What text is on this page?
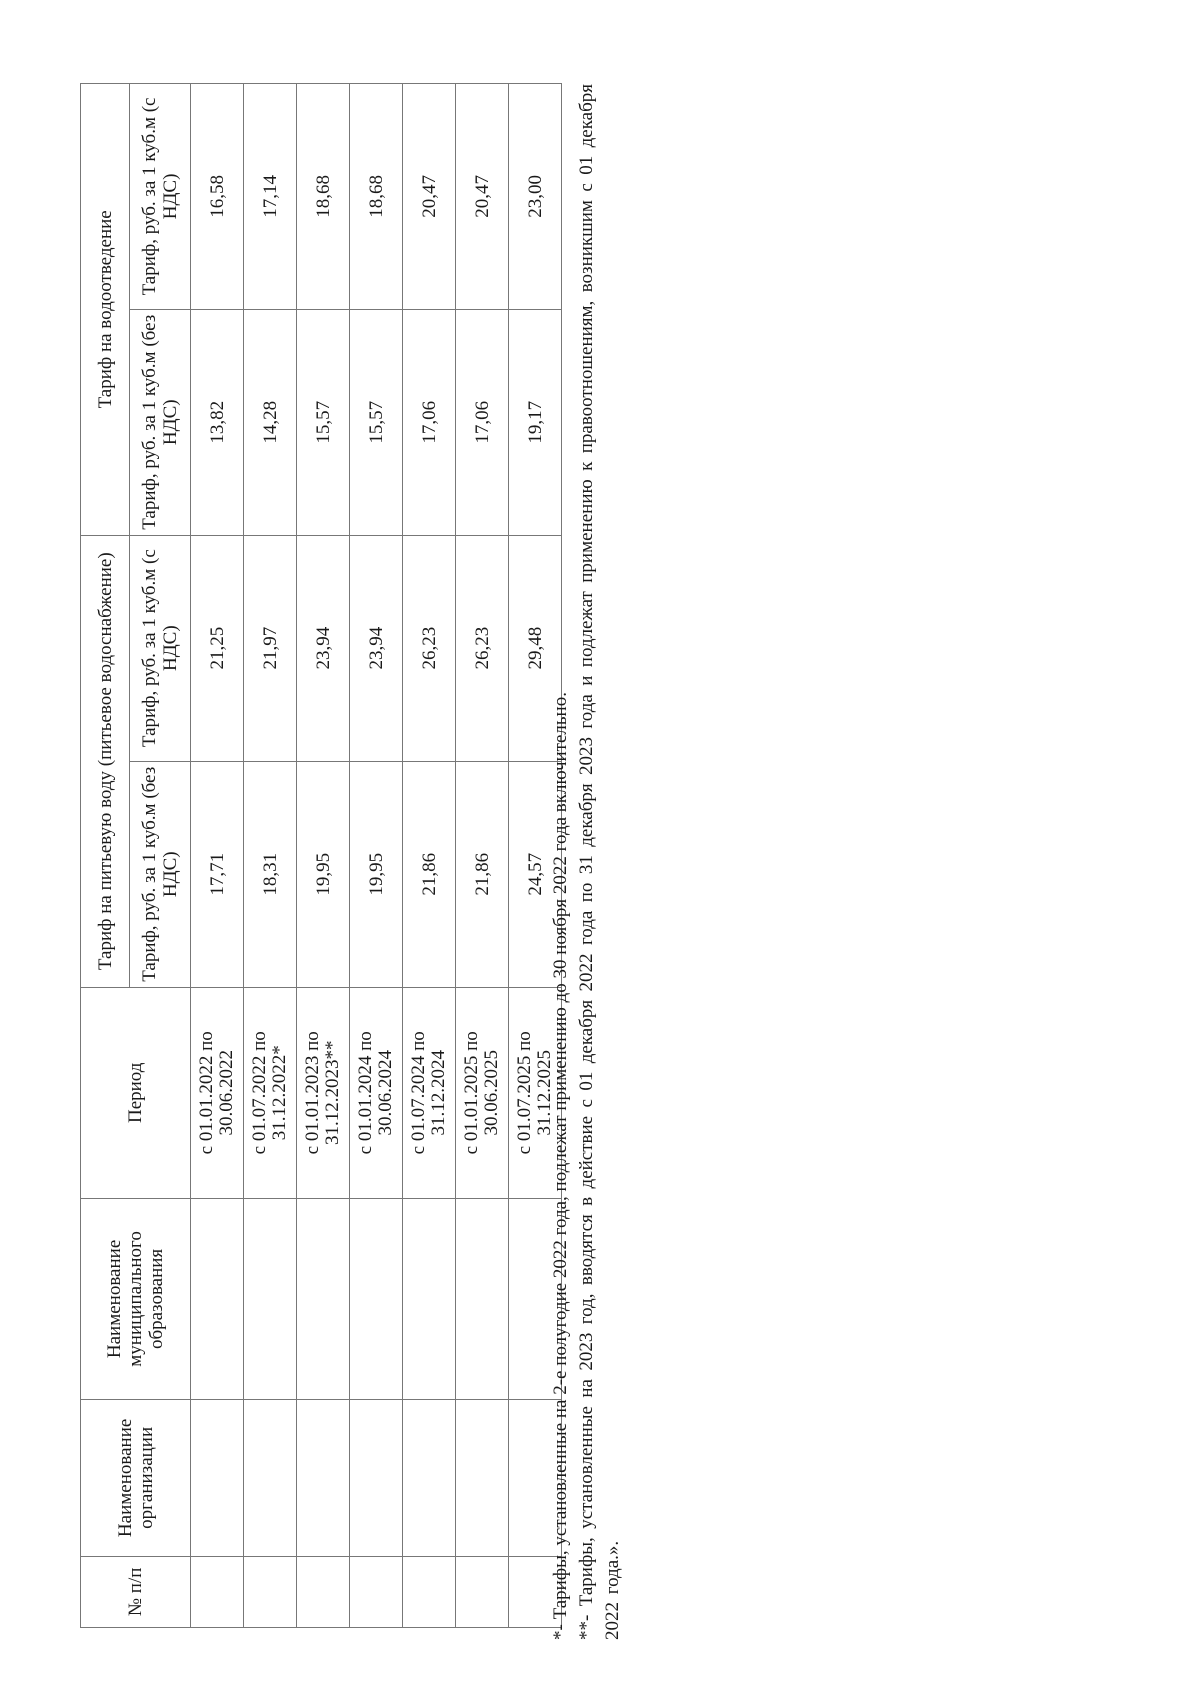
№ п/п	Наименование организации	Наименование муниципального образования	Период	Тариф на питьевую воду (питьевое водоснабжение)		Тариф на водоотведение	
				Тариф, руб. за 1 куб.м (без НДС)	Тариф, руб. за 1 куб.м (с НДС)	Тариф, руб. за 1 куб.м (без НДС)	Тариф, руб. за 1 куб.м (с НДС)
			с 01.01.2022 по 30.06.2022	17,71	21,25	13,82	16,58
			с 01.07.2022 по 31.12.2022*	18,31	21,97	14,28	17,14
			с 01.01.2023 по 31.12.2023**	19,95	23,94	15,57	18,68
			с 01.01.2024 по 30.06.2024	19,95	23,94	15,57	18,68
			с 01.07.2024 по 31.12.2024	21,86	26,23	17,06	20,47
			с 01.01.2025 по 30.06.2025	21,86	26,23	17,06	20,47
			с 01.07.2025 по 31.12.2025	24,57	29,48	19,17	23,00

*- Тарифы, установленные на 2-е полугодие 2022 года, подлежат применению до 30 ноября 2022 года включительно. **- Тарифы, установленные на 2023 год, вводятся в действие с 01 декабря 2022 года по 31 декабря 2023 года и подлежат применению к правоотношениям, возникшим с 01 декабря 2022 года.».
